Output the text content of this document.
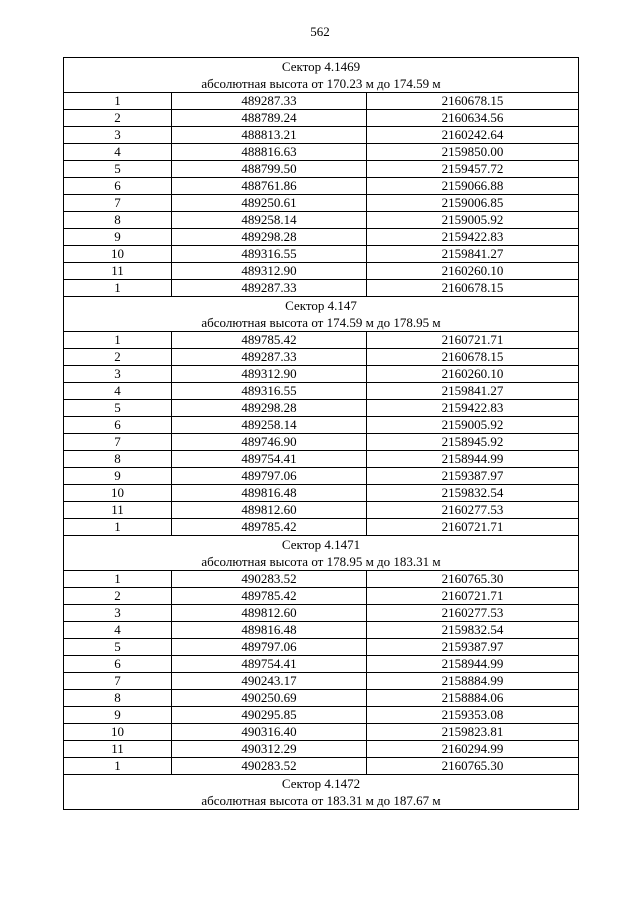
562
Сектор 4.1469		
абсолютная высота от 170.23 м до 174.59 м		
1	489287.33	2160678.15
2	488789.24	2160634.56
3	488813.21	2160242.64
4	488816.63	2159850.00
5	488799.50	2159457.72
6	488761.86	2159066.88
7	489250.61	2159006.85
8	489258.14	2159005.92
9	489298.28	2159422.83
10	489316.55	2159841.27
11	489312.90	2160260.10
1	489287.33	2160678.15
Сектор 4.147		
абсолютная высота от 174.59 м до 178.95 м		
1	489785.42	2160721.71
2	489287.33	2160678.15
3	489312.90	2160260.10
4	489316.55	2159841.27
5	489298.28	2159422.83
6	489258.14	2159005.92
7	489746.90	2158945.92
8	489754.41	2158944.99
9	489797.06	2159387.97
10	489816.48	2159832.54
11	489812.60	2160277.53
1	489785.42	2160721.71
Сектор 4.1471		
абсолютная высота от 178.95 м до 183.31 м		
1	490283.52	2160765.30
2	489785.42	2160721.71
3	489812.60	2160277.53
4	489816.48	2159832.54
5	489797.06	2159387.97
6	489754.41	2158944.99
7	490243.17	2158884.99
8	490250.69	2158884.06
9	490295.85	2159353.08
10	490316.40	2159823.81
11	490312.29	2160294.99
1	490283.52	2160765.30
Сектор 4.1472		
абсолютная высота от 183.31 м до 187.67 м		
